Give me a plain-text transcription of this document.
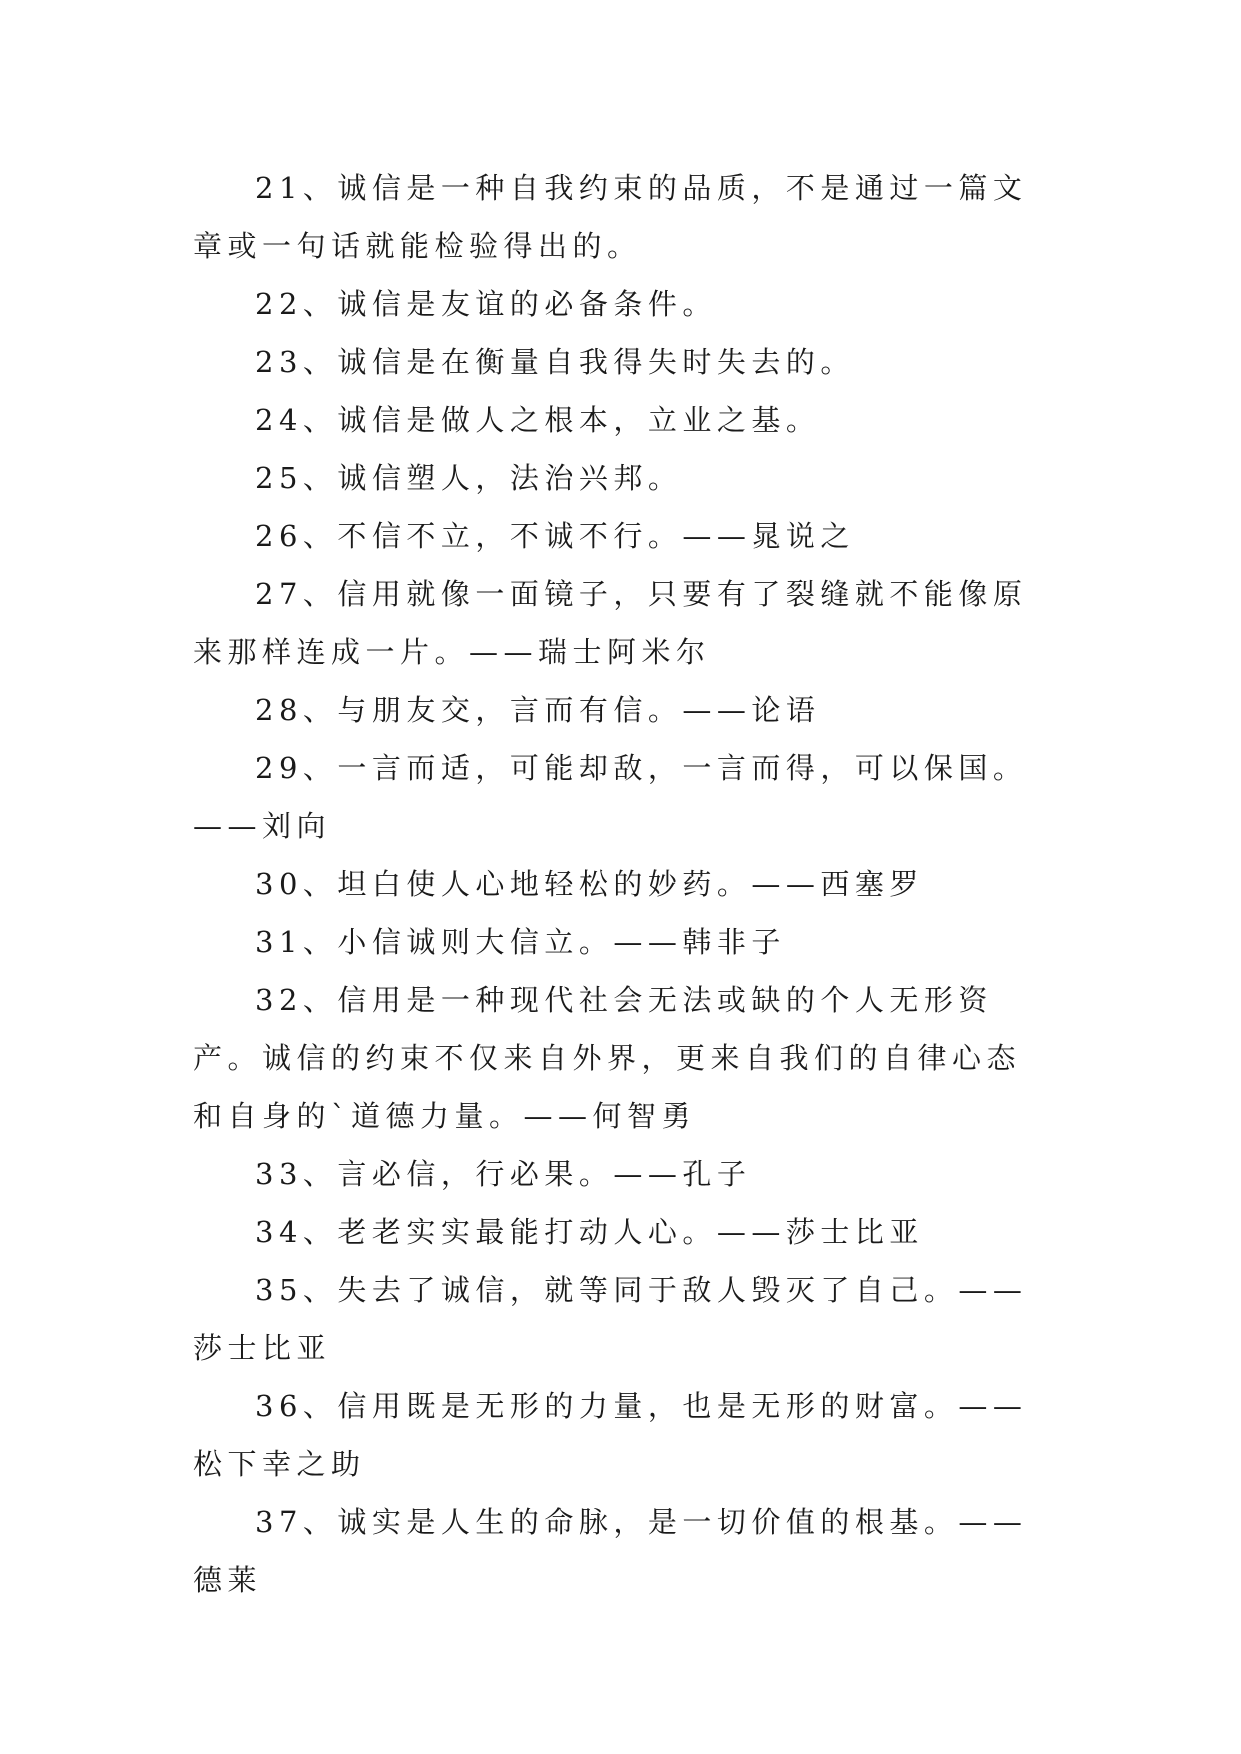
21、诚信是一种自我约束的品质，不是通过一篇文章或一句话就能检验得出的。

22、诚信是友谊的必备条件。

23、诚信是在衡量自我得失时失去的。

24、诚信是做人之根本，立业之基。

25、诚信塑人，法治兴邦。

26、不信不立，不诚不行。——晁说之

27、信用就像一面镜子，只要有了裂缝就不能像原来那样连成一片。——瑞士阿米尔

28、与朋友交，言而有信。——论语

29、一言而适，可能却敌，一言而得，可以保国。——刘向

30、坦白使人心地轻松的妙药。——西塞罗

31、小信诚则大信立。——韩非子

32、信用是一种现代社会无法或缺的个人无形资产。诚信的约束不仅来自外界，更来自我们的自律心态和自身的`道德力量。——何智勇

33、言必信，行必果。——孔子

34、老老实实最能打动人心。——莎士比亚

35、失去了诚信，就等同于敌人毁灭了自己。——莎士比亚

36、信用既是无形的力量，也是无形的财富。——松下幸之助

37、诚实是人生的命脉，是一切价值的根基。——德莱
